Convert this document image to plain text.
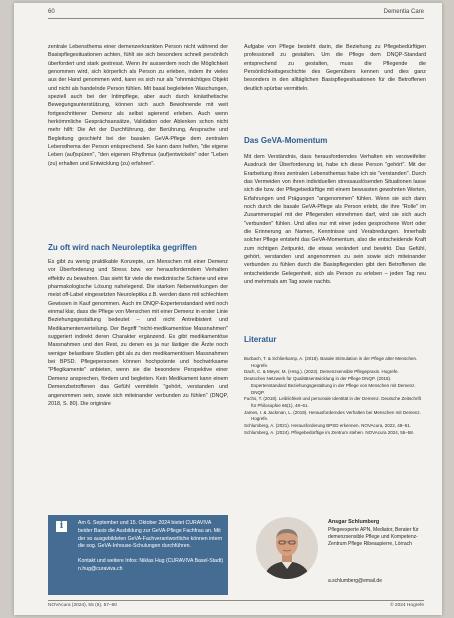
60	Dementia Care

zentrale Lebensthema einer demenzerkrankten Person nicht während der Basispflegesituationen achten, fühlt sie sich besonders schnell persönlich überfordert und stark gestresst. Wenn ihr ausserdem noch die Möglichkeit genommen wird, sich körperlich als Person zu erleben, indem ihr vieles aus der Hand genommen wird, kann es sich nur als "ohnmächtiges Objekt und nicht als handelnde Person fühlen. Mit basal begleiteten Waschungen, speziell auch bei der Intimpflege, aber auch durch kinästhetische Bewegungsunterstützung, können sich auch Bewohnende mit weit fortgeschrittener Demenz als selbst agierend erleben. Auch wenn herkömmliche Gesprächsansätze, Validation oder Ablenken schon nicht mehr hilft: Die Art der Durchführung, der Berührung, Ansprache und Begleitung geschieht bei der basalen GeVA-Pflege dem zentralen Lebensthema der Person entsprechend. Sie kann dann helfen, "die eigene Leben (auf)spüren", "den eigenen Rhythmus (auf)entwickeln" oder "Leben (zu) erhalten und Entwicklung (zu) erfahren".

Zu oft wird nach Neuroleptika gegriffen

Es gibt zu wenig praktikable Konzepte, um Menschen mit einer Demenz vor Überforderung und Stress bzw. vor herausforderndem Verhalten effektiv zu bewahren. Das sieht für viele die medizinische Schiene und eine pharmakologische Lösung nahelegend. Die starken Nebenwirkungen der meist off-Label eingesetzten Neuroleptika z.B. werden dann mit schlechtem Gewissen in Kauf genommen. Auch im DNQP-Expertenstandard wird noch einmal klar, dass die Pflege von Menschen mit einer Demenz in erster Linie Beziehungsgestaltung bedeutet – und nicht Antreibistent und Medikamentenverteilung. Der Begriff "nicht-medikamentöse Massnahmen" suggeriert indirekt deren Charakter ergänzend. Es gibt medikamentöse Massnahmen und den Rest, zu denen es ja nur lästiger die Ärzte noch weniger belastbare Studien gibt als zu den medikamentösen Massnahmen bei BPSD. Pflegepersonen können hochpotente und hochwirksame "Pflegikamente" anbieten, wenn sie die besondere Perspektive einer Demenz ansprechen, fördern und begleiten. Kein Medikament kann einem Demenzbetroffenen das Gefühl vermitteln "gehört, verstanden und angenommen sein, sowie sich miteinander verbunden zu fühlen" (DNQP, 2018, S. 80). Die originäre

Aufgabe von Pflege besteht darin, die Beziehung zu Pflegebedürftigen professionell zu gestalten. Um die Pflege dem DNQP-Standard entsprechend zu gestalten, muss die Pflegende die Persönlichkeitsgeschichte des Gegenübers kennen und dies ganz besonders in den alltäglichen Basispflegesituationen für die Betroffenen deutlich spürbar vermitteln.

Das GeVA-Momentum

Mit dem Verständnis, dass herausforderndes Verhalten ein verzweifelter Ausdruck der Überforderung ist, habe ich diese Person "gehört". Mit der Erarbeitung ihres zentralen Lebensthemas habe ich sie "verstanden". Durch das Vermeiden von ihren individuellen stressauslösenden Situationen lasse sich die bzw. der Pflegebedürftige mit einem bewussten gewohnten Werten, Erfahrungen und Prägungen "angenommen" fühlen. Wenn sie sich dann noch durch die basale GeVA-Pflege als Person erlebt, die ihre "Rolle" im Zusammenspiel mit der Pflegenden einnehmen darf, wird sie sich auch "verbunden" fühlen. Und alles nur mit einer jedes gesprochene Wort oder die Erinnerung an Namen, Kenntnisse und Verabredungen. Innerhalb solcher Pflege entsteht das GeVA-Momentum, also die entscheidende Kraft zum richtigen Zeitpunkt, die etwas verändert und bewirkt. Das Gefühl, gehört, verstanden und angenommen zu sein sowie sich miteinander verbunden zu fühlen durch die Basispflegenden gibt den Betroffenen die entscheidende Gelegenheit, sich als Person zu erleben – jeden Tag neu und mehrmals am Tag sowie nachts.

Literatur

Burbach, T. & Schlierkamp, A. (2018). Basale Stimulation in der Pflege alter Menschen. Hogrefe.

Dach, C. & Meyer, M. (Hrsg.). (2023). Demenzsensible Pflegepraxis. Hogrefe.

Deutsches Netzwerk für Qualitätsentwicklung in der Pflege DNQP. (2018). Expertenstandard Beziehungsgestaltung in der Pflege von Menschen mit Demenz. DNQP.

Fuchs, T. (2018). Leiblichkeit und personale Identität in der Demenz. Deutsche Zeitschrift für Philosophie 66(1), 48–61.

James, I. & Jackman, L. (2019). Herausforderndes Verhalten bei Menschen mit Demenz. Hogrefe.

Schlumberg, A. (2021). Herausforderung BPSD erkennen. NOVAcura, 2022, 48–51.

Schlumberg, A. (2024). Pflegebedürftige im Zentrum stehen. NOVAcura 2024, 55–58.

i	Am 6. September und 15. Oktober 2024 bietet CURAVIVA beider Basis die Ausbildung zur GeVA-Pflege Fachfrau an. Mit der so ausgebildeten GeVA-Fachverantwortliche können intern die sog. GeVA-Inhouse-Schulungen durchführen.

Kontakt und weitere Infos: Niklas Hug (CURAVIVA Basel-Stadt) n.hug@curaviva.ch

Ansgar Schlumberg
Pflegeexperte APN, Mediator, Berater für demenzsensible Pflege und Kompetenz-Zentrum Pflege Ribeaupierre, Lörrach
a.schlumberg@email.de
NOVAcura (2024), 55 (6), 57–60	© 2024 Hogrefe
